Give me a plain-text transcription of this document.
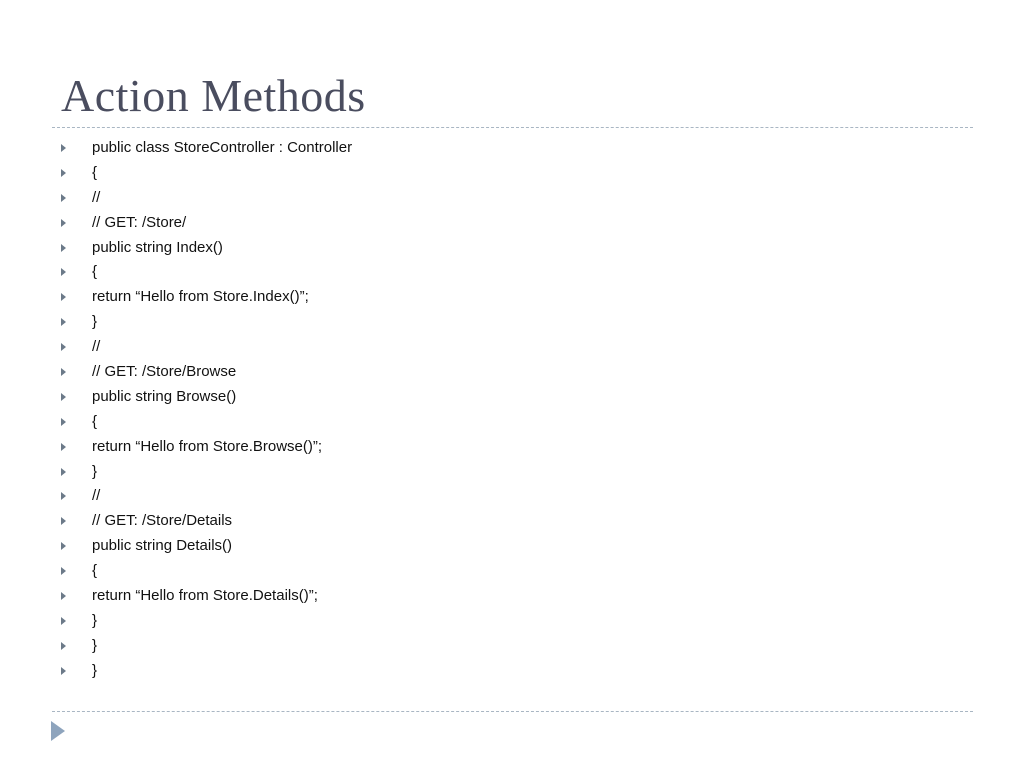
Action Methods
public class StoreController : Controller
{
//
// GET: /Store/
public string Index()
{
return “Hello from Store.Index()”;
}
//
// GET: /Store/Browse
public string Browse()
{
return “Hello from Store.Browse()”;
}
//
// GET: /Store/Details
public string Details()
{
return “Hello from Store.Details()”;
}
}
}
